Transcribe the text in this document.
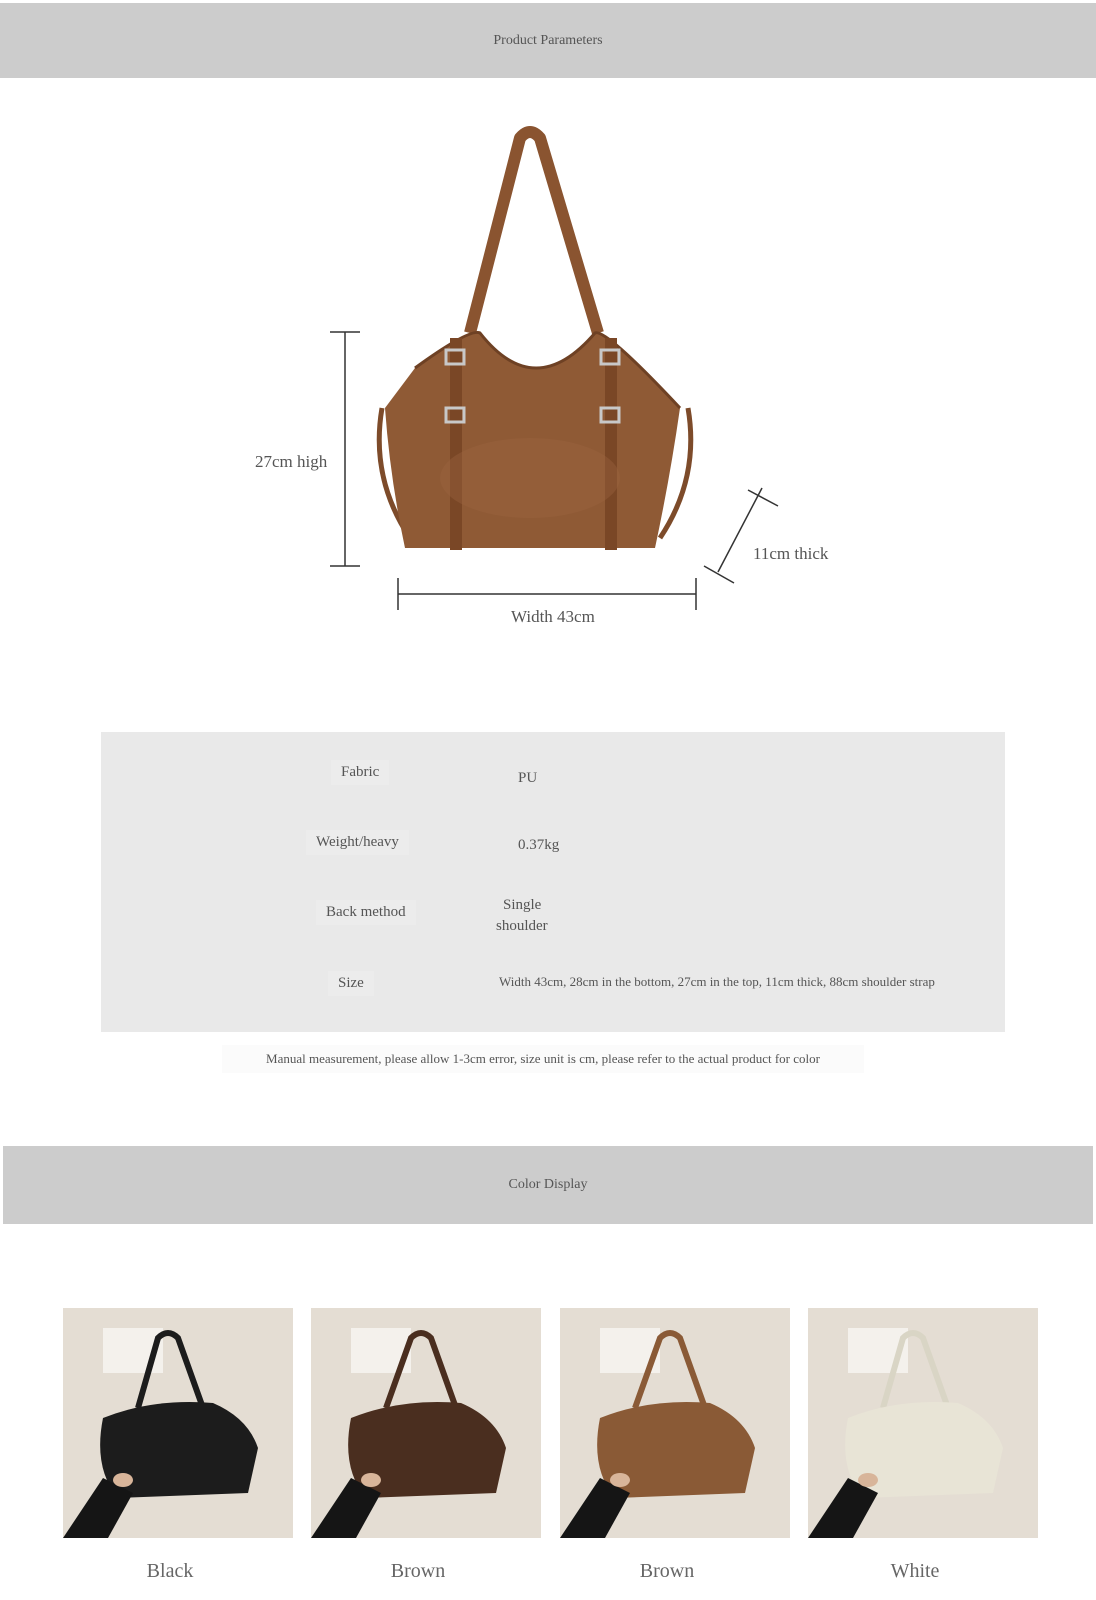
Product Parameters
27cm high
Width 43cm
11cm thick
Fabric	PU
Weight/heavy	0.37kg
Back method	Single
shoulder
Size	Width 43cm, 28cm in the bottom, 27cm in the top, 11cm thick, 88cm shoulder strap
Manual measurement, please allow 1-3cm error, size unit is cm, please refer to the actual product for color
Color Display
Black	Brown	Brown	White
